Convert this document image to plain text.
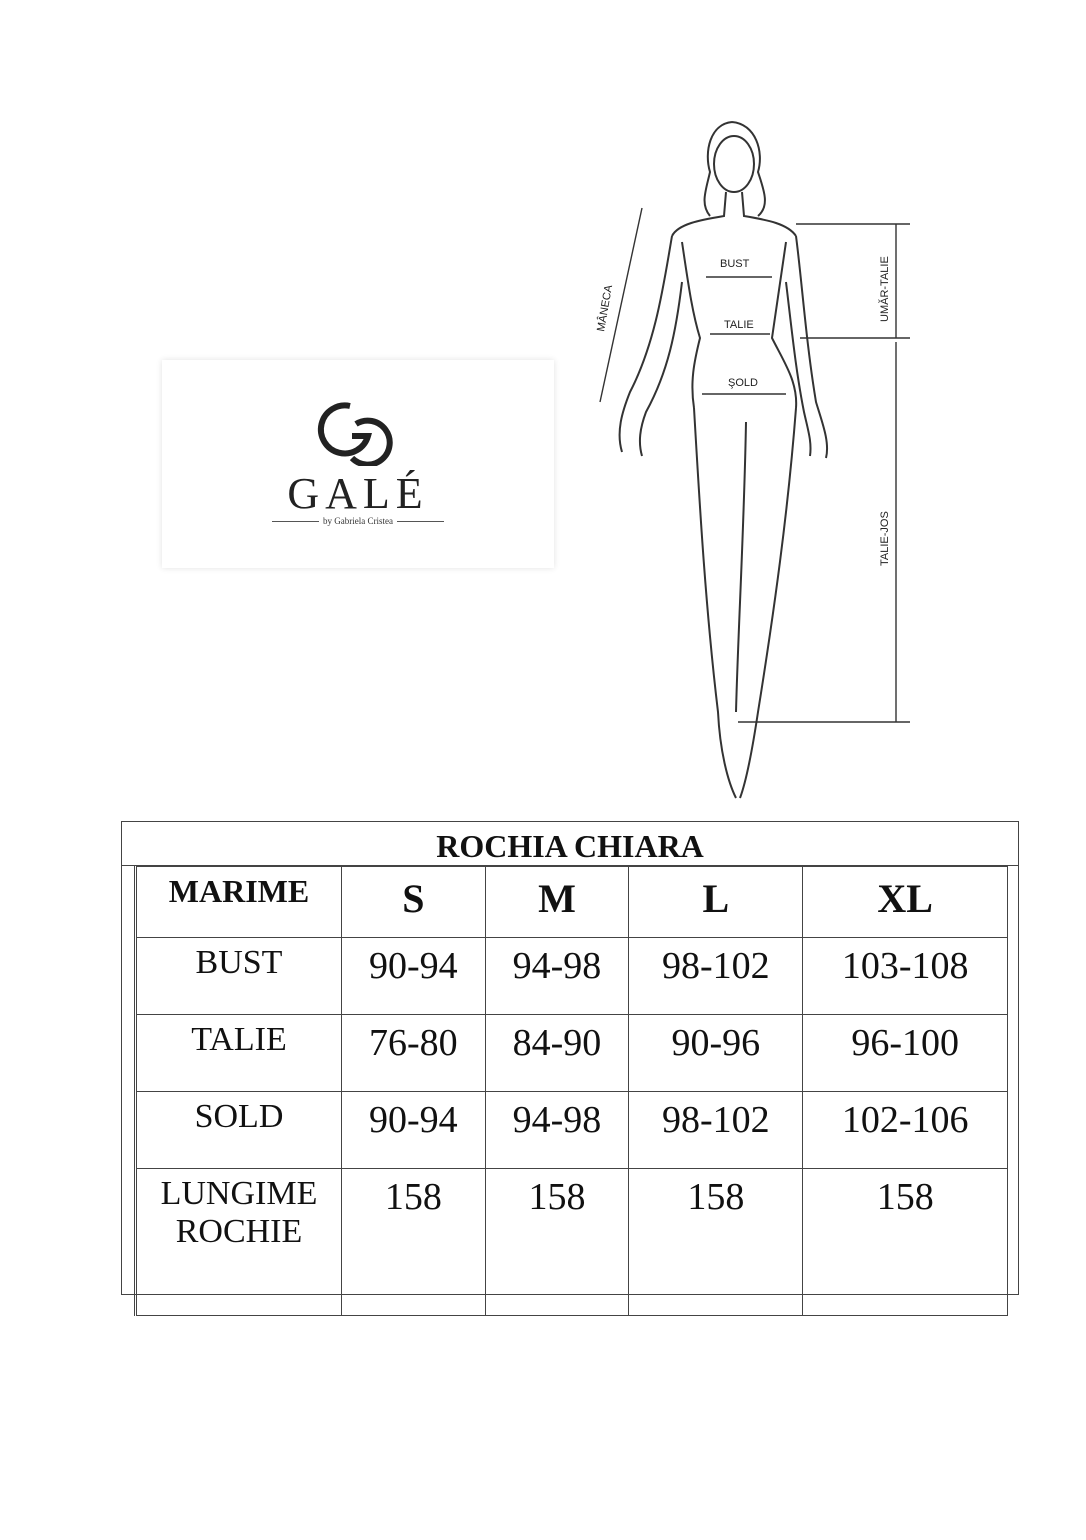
GALÉ
by Gabriela Cristea
BUST
TALIE
ŞOLD
MÂNECA	UMĂR-TALIE
TALIE-JOS
ROCHIA CHIARA
MARIME	S	M	L	XL
BUST	90-94	94-98	98-102	103-108
TALIE	76-80	84-90	90-96	96-100
SOLD	90-94	94-98	98-102	102-106
LUNGIME
ROCHIE	158	158	158	158
